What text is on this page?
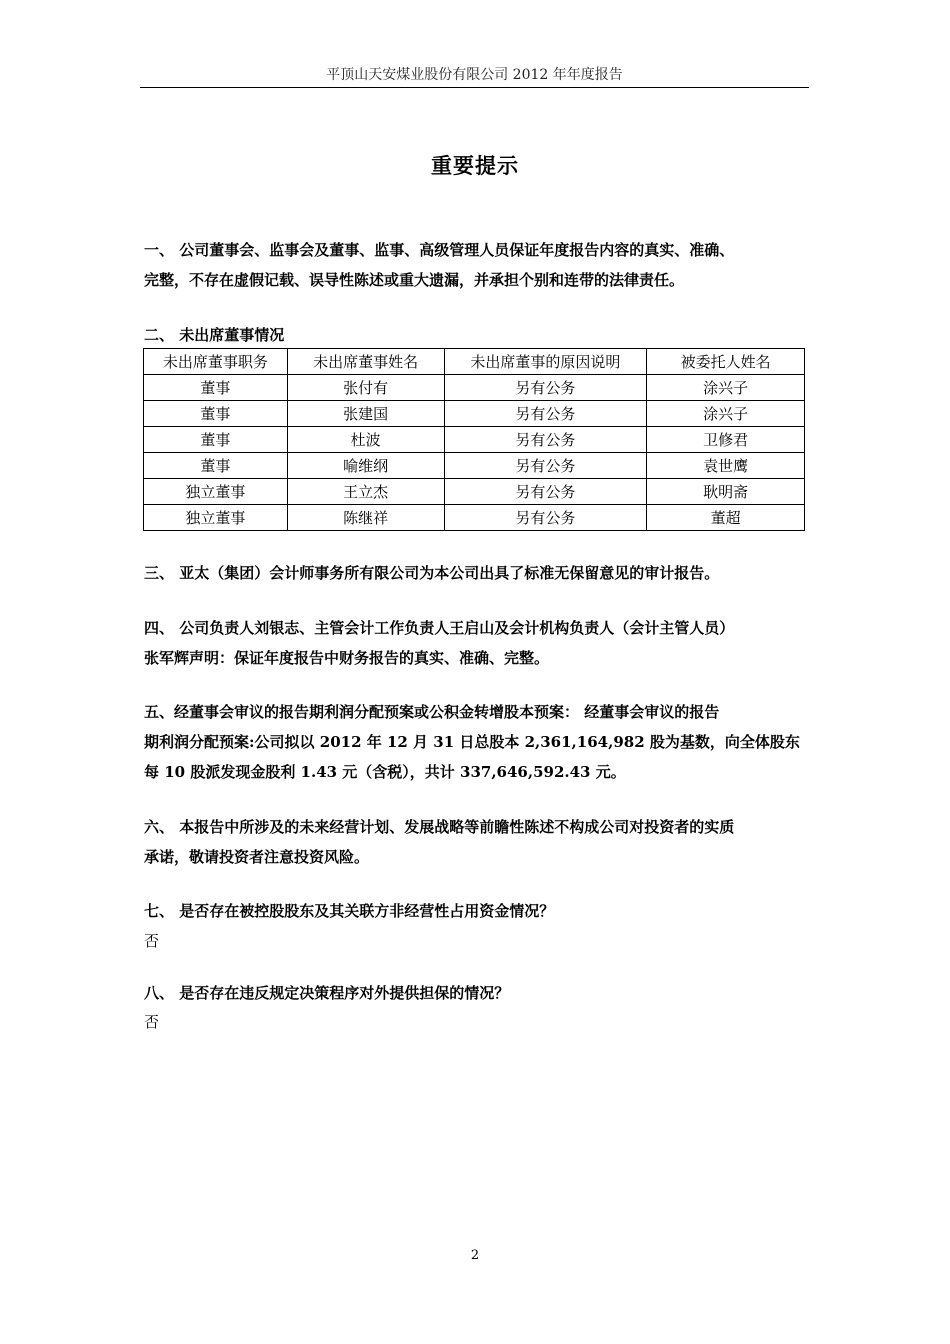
平顶山天安煤业股份有限公司 2012 年年度报告
重要提示
一、 公司董事会、监事会及董事、监事、高级管理人员保证年度报告内容的真实、准确、
完整，不存在虚假记载、误导性陈述或重大遗漏，并承担个别和连带的法律责任。
二、 未出席董事情况
未出席董事职务	未出席董事姓名	未出席董事的原因说明	被委托人姓名
董事	张付有	另有公务	涂兴子
董事	张建国	另有公务	涂兴子
董事	杜波	另有公务	卫修君
董事	喻维纲	另有公务	袁世鹰
独立董事	王立杰	另有公务	耿明斋
独立董事	陈继祥	另有公务	董超
三、 亚太（集团）会计师事务所有限公司为本公司出具了标准无保留意见的审计报告。
四、 公司负责人刘银志、主管会计工作负责人王启山及会计机构负责人（会计主管人员）
张军辉声明：保证年度报告中财务报告的真实、准确、完整。
五、经董事会审议的报告期利润分配预案或公积金转增股本预案： 经董事会审议的报告
期利润分配预案:公司拟以 2012 年 12 月 31 日总股本 2,361,164,982 股为基数，向全体股东
每 10 股派发现金股利 1.43 元（含税），共计 337,646,592.43 元。
六、 本报告中所涉及的未来经营计划、发展战略等前瞻性陈述不构成公司对投资者的实质
承诺，敬请投资者注意投资风险。
七、 是否存在被控股股东及其关联方非经营性占用资金情况？
否
八、 是否存在违反规定决策程序对外提供担保的情况？
否
2
